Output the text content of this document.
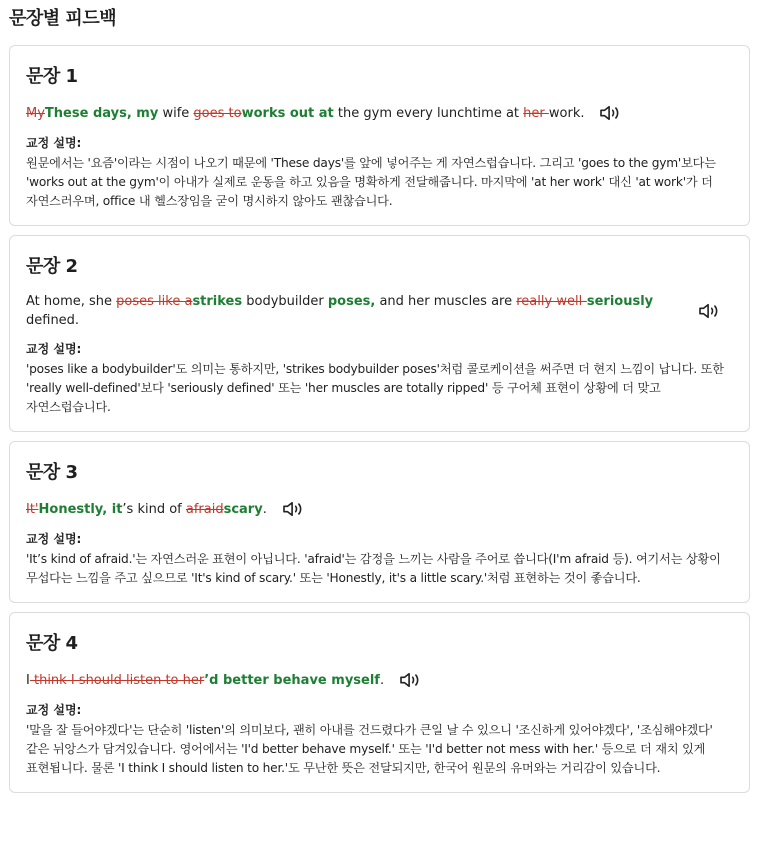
문장별 피드백
문장 1
MyThese days, my wife goes toworks out at the gym every lunchtime at her work.
교정 설명:
원문에서는 '요즘'이라는 시점이 나오기 때문에 'These days'를 앞에 넣어주는 게 자연스럽습니다. 그리고 'goes to the gym'보다는 'works out at the gym'이 아내가 실제로 운동을 하고 있음을 명확하게 전달해줍니다. 마지막에 'at her work' 대신 'at work'가 더 자연스러우며, office 내 헬스장임을 굳이 명시하지 않아도 괜찮습니다.
문장 2
At home, she poses like astrikes bodybuilder poses, and her muscles are really well-seriously defined.
교정 설명:
'poses like a bodybuilder'도 의미는 통하지만, 'strikes bodybuilder poses'처럼 콜로케이션을 써주면 더 현지 느낌이 납니다. 또한 'really well-defined'보다 'seriously defined' 또는 'her muscles are totally ripped' 등 구어체 표현이 상황에 더 맞고 자연스럽습니다.
문장 3
It'Honestly, it’s kind of afraidscary.
교정 설명:
'It’s kind of afraid.'는 자연스러운 표현이 아닙니다. 'afraid'는 감정을 느끼는 사람을 주어로 씁니다(I'm afraid 등). 여기서는 상황이 무섭다는 느낌을 주고 싶으므로 'It's kind of scary.' 또는 'Honestly, it's a little scary.'처럼 표현하는 것이 좋습니다.
문장 4
I think I should listen to her’d better behave myself.
교정 설명:
'말을 잘 들어야겠다'는 단순히 'listen'의 의미보다, 괜히 아내를 건드렸다가 큰일 날 수 있으니 '조신하게 있어야겠다', '조심해야겠다' 같은 뉘앙스가 담겨있습니다. 영어에서는 'I'd better behave myself.' 또는 'I'd better not mess with her.' 등으로 더 재치 있게 표현됩니다. 물론 'I think I should listen to her.'도 무난한 뜻은 전달되지만, 한국어 원문의 유머와는 거리감이 있습니다.
